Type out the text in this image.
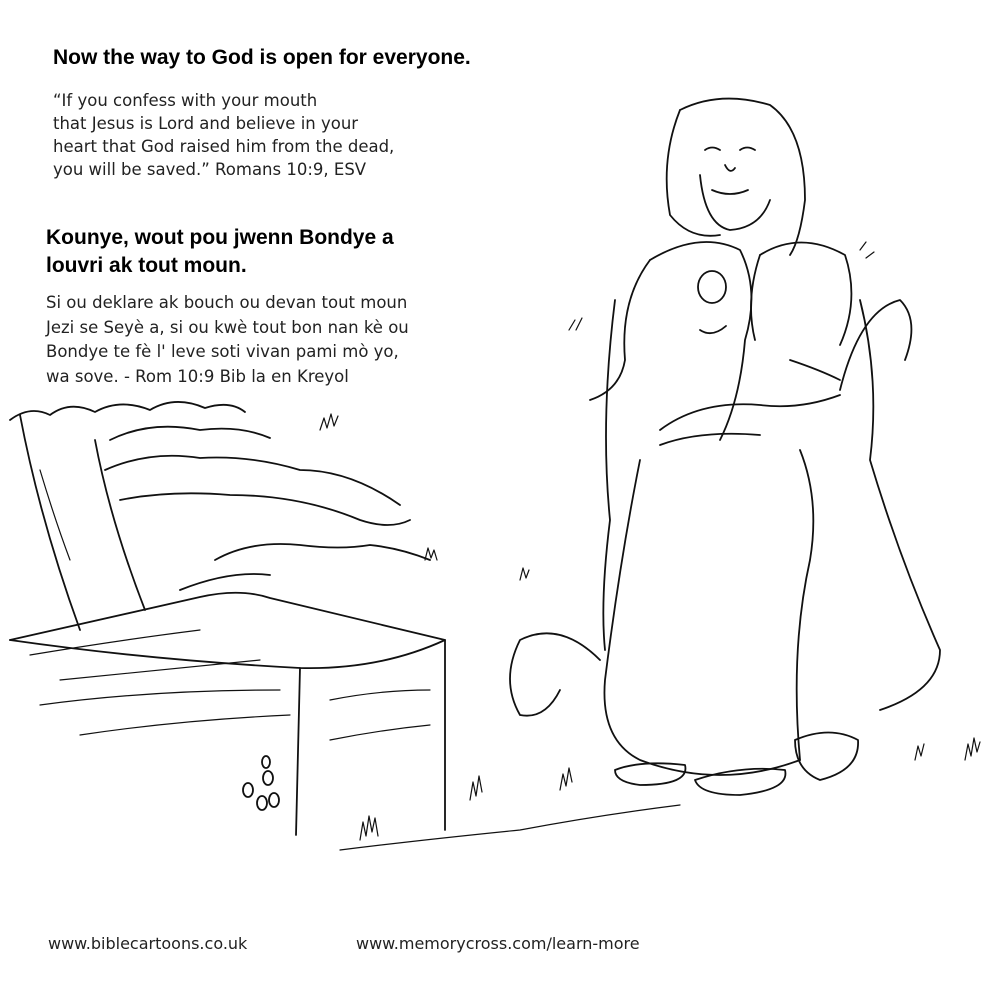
Now the way to God is open for everyone.

“If you confess with your mouth
that Jesus is Lord and believe in your
heart that God raised him from the dead,
you will be saved.” Romans 10:9, ESV

Kounye, wout pou jwenn Bondye a
louvri ak tout moun.

Si ou deklare ak bouch ou devan tout moun
Jezi se Seyè a, si ou kwè tout bon nan kè ou
Bondye te fè l' leve soti vivan pami mò yo,
wa sove. - Rom 10:9 Bib la en Kreyol

www.biblecartoons.co.uk	www.memorycross.com/learn-more
